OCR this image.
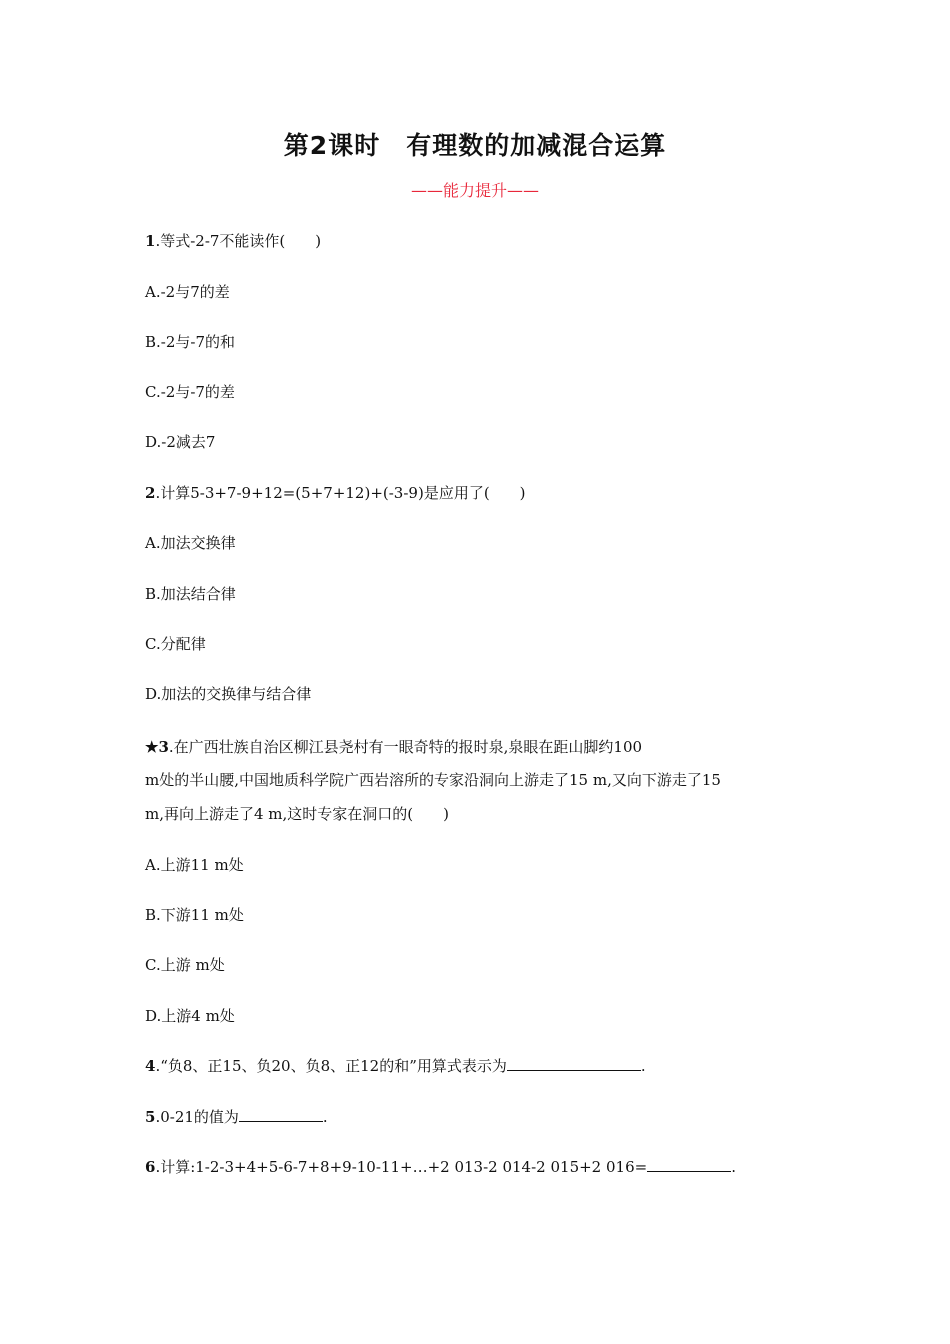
第2课时　有理数的加减混合运算
——能力提升——
1.等式-2-7不能读作(　　)
A.-2与7的差
B.-2与-7的和
C.-2与-7的差
D.-2减去7
2.计算5-3+7-9+12=(5+7+12)+(-3-9)是应用了(　　)
A.加法交换律
B.加法结合律
C.分配律
D.加法的交换律与结合律
★3.在广西壮族自治区柳江县尧村有一眼奇特的报时泉,泉眼在距山脚约100
m处的半山腰,中国地质科学院广西岩溶所的专家沿洞向上游走了15 m,又向下游走了15
m,再向上游走了4 m,这时专家在洞口的(　　)
A.上游11 m处
B.下游11 m处
C.上游 m处
D.上游4 m处
4.“负8、正15、负20、负8、正12的和”用算式表示为	.
5.0-21的值为	.
6.计算:1-2-3+4+5-6-7+8+9-10-11+…+2 013-2 014-2 015+2 016=	.
